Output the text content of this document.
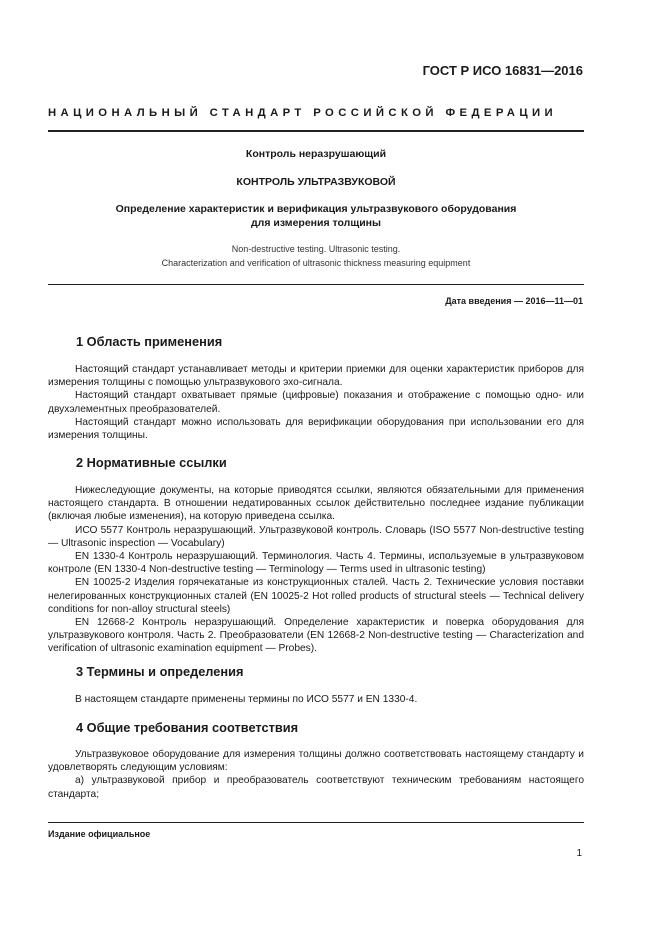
ГОСТ Р ИСО 16831—2016
НАЦИОНАЛЬНЫЙ СТАНДАРТ РОССИЙСКОЙ ФЕДЕРАЦИИ
Контроль неразрушающий
КОНТРОЛЬ УЛЬТРАЗВУКОВОЙ
Определение характеристик и верификация ультразвукового оборудования
для измерения толщины
Non-destructive testing. Ultrasonic testing.
Characterization and verification of ultrasonic thickness measuring equipment
Дата введения — 2016—11—01
1 Область применения
Настоящий стандарт устанавливает методы и критерии приемки для оценки характеристик приборов для измерения толщины с помощью ультразвукового эхо-сигнала.
Настоящий стандарт охватывает прямые (цифровые) показания и отображение с помощью одно- или двухэлементных преобразователей.
Настоящий стандарт можно использовать для верификации оборудования при использовании его для измерения толщины.
2 Нормативные ссылки
Нижеследующие документы, на которые приводятся ссылки, являются обязательными для применения настоящего стандарта. В отношении недатированных ссылок действительно последнее издание публикации (включая любые изменения), на которую приведена ссылка.
ИСО 5577 Контроль неразрушающий. Ультразвуковой контроль. Словарь (ISO 5577 Non-destructive testing — Ultrasonic inspection — Vocabulary)
EN 1330-4 Контроль неразрушающий. Терминология. Часть 4. Термины, используемые в ультразвуковом контроле (EN 1330-4 Non-destructive testing — Terminology — Terms used in ultrasonic testing)
EN 10025-2 Изделия горячекатаные из конструкционных сталей. Часть 2. Технические условия поставки нелегированных конструкционных сталей (EN 10025-2 Hot rolled products of structural steels — Technical delivery conditions for non-alloy structural steels)
EN 12668-2 Контроль неразрушающий. Определение характеристик и поверка оборудования для ультразвукового контроля. Часть 2. Преобразователи (EN 12668-2 Non-destructive testing — Characterization and verification of ultrasonic examination equipment — Probes).
3 Термины и определения
В настоящем стандарте применены термины по ИСО 5577 и EN 1330-4.
4 Общие требования соответствия
Ультразвуковое оборудование для измерения толщины должно соответствовать настоящему стандарту и удовлетворять следующим условиям:
а) ультразвуковой прибор и преобразователь соответствуют техническим требованиям настоящего стандарта;
Издание официальное
1
